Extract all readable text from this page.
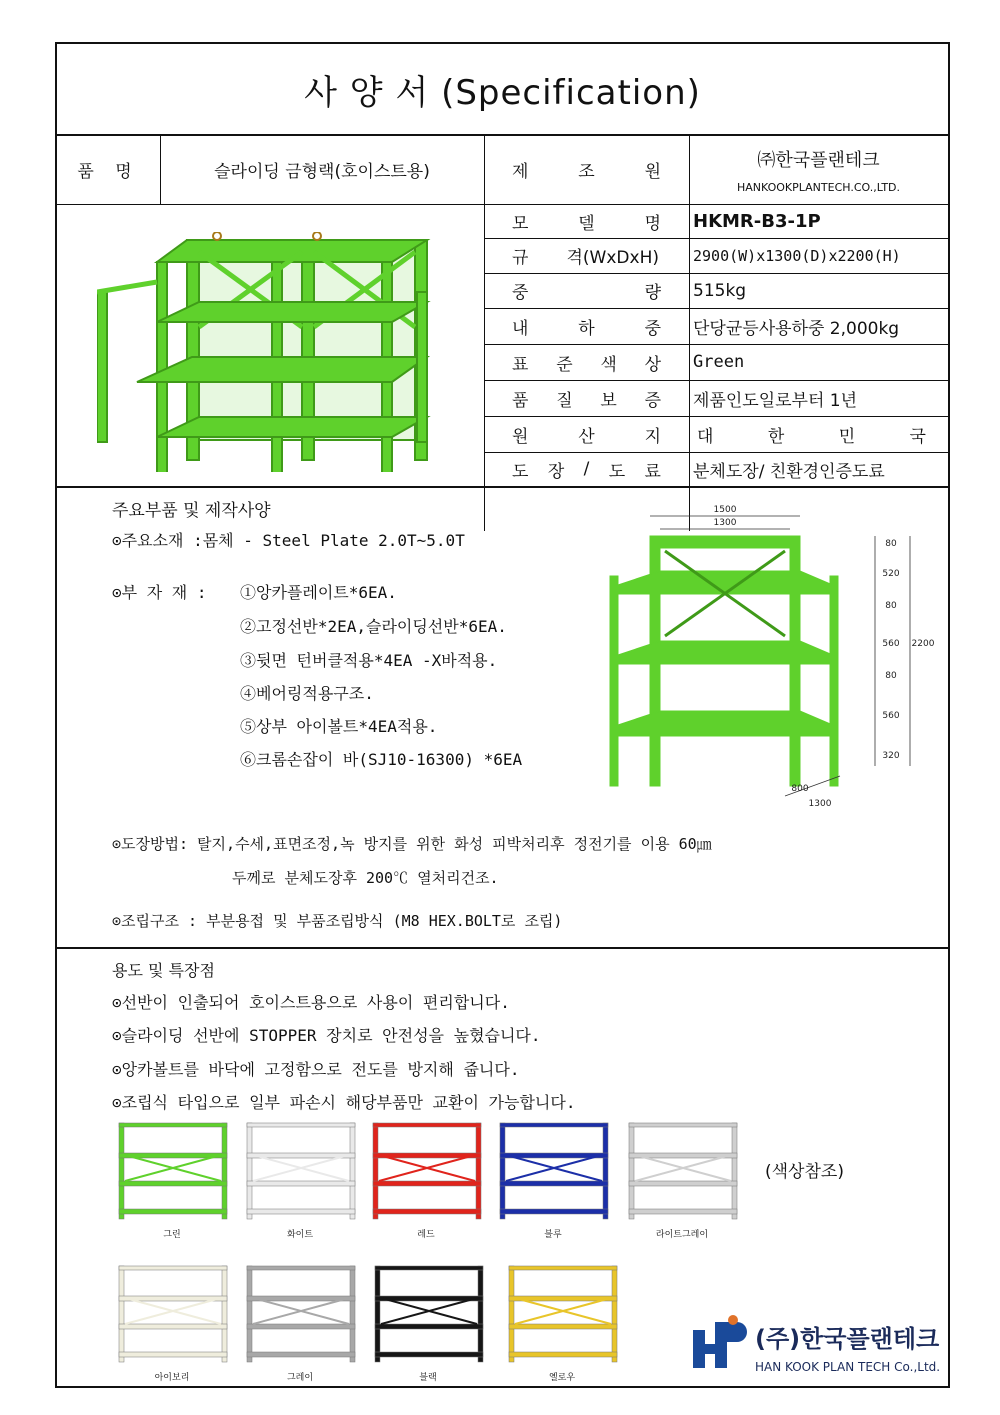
사 양 서 (Specification)
품 명	슬라이딩 금형랙(호이스트용)	제	조	원
㈜한국플랜테크
HANKOOKPLANTECH.CO.,LTD.
모	델	명 HKMR-B3-1P
규 격(WxDxH) 2900(W)x1300(D)x2200(H)
중	량 515kg
내	하	중 단당균등사용하중 2,000kg
표 준 색 상 Green
품 질 보 증 제품인도일로부터 1년
원	산	지 대	한	민	국
도 장 / 도 료 분체도장/ 친환경인증도료
주요부품 및 제작사양
⊙주요소재 :몸체 - Steel Plate 2.0T~5.0T
⊙부 자 재 : ①앙카플레이트*6EA.
②고정선반*2EA,슬라이딩선반*6EA.
③뒷면 턴버클적용*4EA -X바적용.
④베어링적용구조.
⑤상부 아이볼트*4EA적용.
⑥크롬손잡이 바(SJ10-16300) *6EA
⊙도장방법: 탈지,수세,표면조정,녹 방지를 위한 화성 피박처리후 정전기를 이용 60㎛
두께로 분체도장후 200℃ 열처리건조.
⊙조립구조 : 부분용접 및 부품조립방식 (M8 HEX.BOLT로 조립)
1500
1300
80
520
80
560
80
560
320
2200
800
1300
용도 및 특장점
⊙선반이 인출되어 호이스트용으로 사용이 편리합니다.
⊙슬라이딩 선반에 STOPPER 장치로 안전성을 높혔습니다.
⊙앙카볼트를 바닥에 고정함으로 전도를 방지해 줍니다.
⊙조립식 타입으로 일부 파손시 해당부품만 교환이 가능합니다.
(색상참조)
그린	화이트	레드	블루	라이트그레이
아이보리	그레이	블랙	옐로우
(주)한국플랜테크
HAN KOOK PLAN TECH Co.,Ltd.
